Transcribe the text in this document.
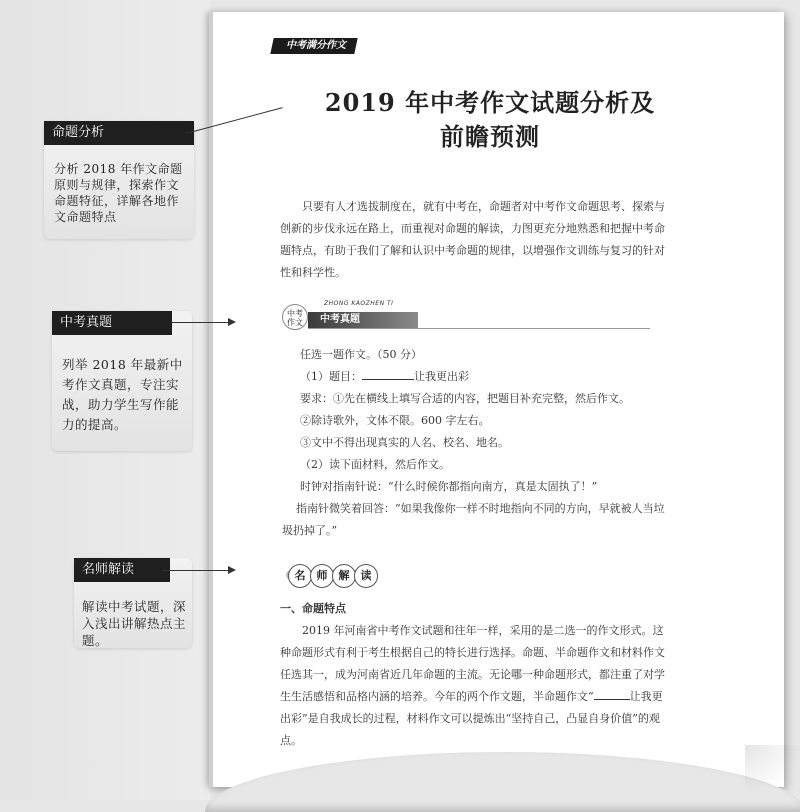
中考满分作文
2019 年中考作文试题分析及
前瞻预测

只要有人才选拔制度在，就有中考在，命题者对中考作文命题思考、探索与创新的步伐永远在路上，而重视对命题的解读，力图更充分地熟悉和把握中考命题特点，有助于我们了解和认识中考命题的规律，以增强作文训练与复习的针对性和科学性。

命题分析
分析 2018 年作文命题原则与规律，探索作文命题特征，详解各地作文命题特点
中考真题
列举 2018 年最新中考作文真题，专注实战，助力学生写作能力的提高。
名师解读
解读中考试题，深入浅出讲解热点主题。
中考
作文
ZHONG KAOZHEN TI
中考真题

任选一题作文。（50 分）

（1）题目：	让我更出彩

要求：①先在横线上填写合适的内容，把题目补充完整，然后作文。

②除诗歌外，文体不限。600 字左右。

③文中不得出现真实的人名、校名、地名。

（2）读下面材料，然后作文。

时钟对指南针说：“什么时候你都指向南方，真是太固执了！”

指南针微笑着回答：“如果我像你一样不时地指向不同的方向，早就被人当垃圾扔掉了。”

名	师	解	读

一、命题特点

2019 年河南省中考作文试题和往年一样，采用的是二选一的作文形式。这种命题形式有利于考生根据自己的特长进行选择。命题、半命题作文和材料作文任选其一，成为河南省近几年命题的主流。无论哪一种命题形式，都注重了对学生生活感悟和品格内涵的培养。今年的两个作文题，半命题作文“	让我更出彩”是自我成长的过程，材料作文可以提炼出“坚持自己，凸显自身价值”的观点。
